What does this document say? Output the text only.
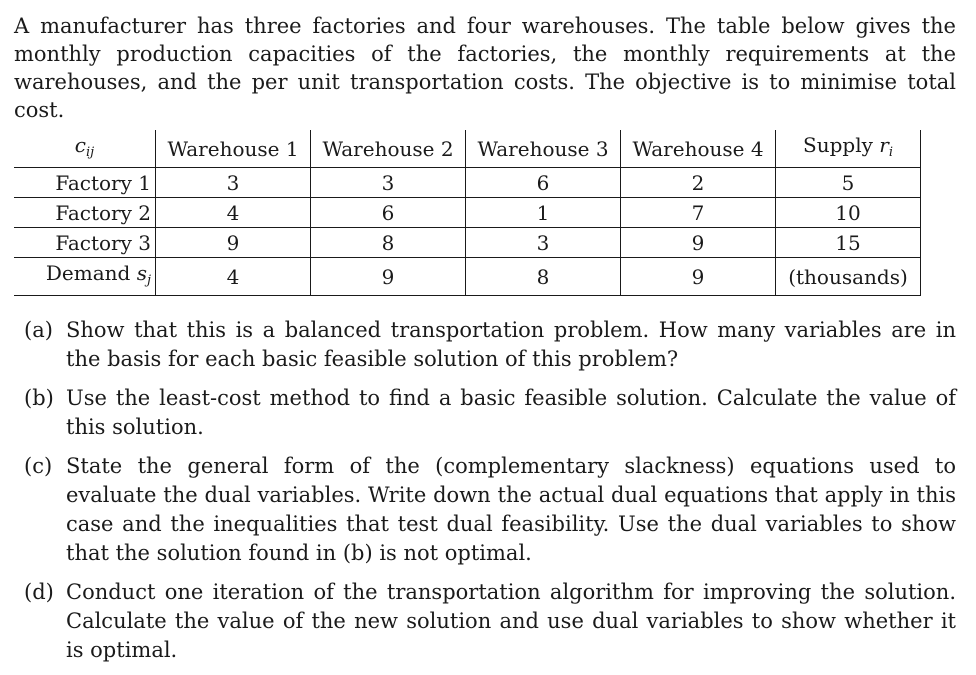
A manufacturer has three factories and four warehouses. The table below gives the monthly production capacities of the factories, the monthly requirements at the warehouses, and the per unit transportation costs. The objective is to minimise total cost.

$c_{ij}$	Warehouse 1	Warehouse 2	Warehouse 3	Warehouse 4	Supply $r_i$
Factory 1	3	3	6	2	5
Factory 2	4	6	1	7	10
Factory 3	9	8	3	9	15
Demand $s_j$	4	9	8	9	(thousands)
(a) Show that this is a balanced transportation problem. How many variables are in the basis for each basic feasible solution of this problem?
(b) Use the least-cost method to find a basic feasible solution. Calculate the value of this solution.
(c) State the general form of the (complementary slackness) equations used to evaluate the dual variables. Write down the actual dual equations that apply in this case and the inequalities that test dual feasibility. Use the dual variables to show that the solution found in (b) is not optimal.
(d) Conduct one iteration of the transportation algorithm for improving the solution. Calculate the value of the new solution and use dual variables to show whether it is optimal.
